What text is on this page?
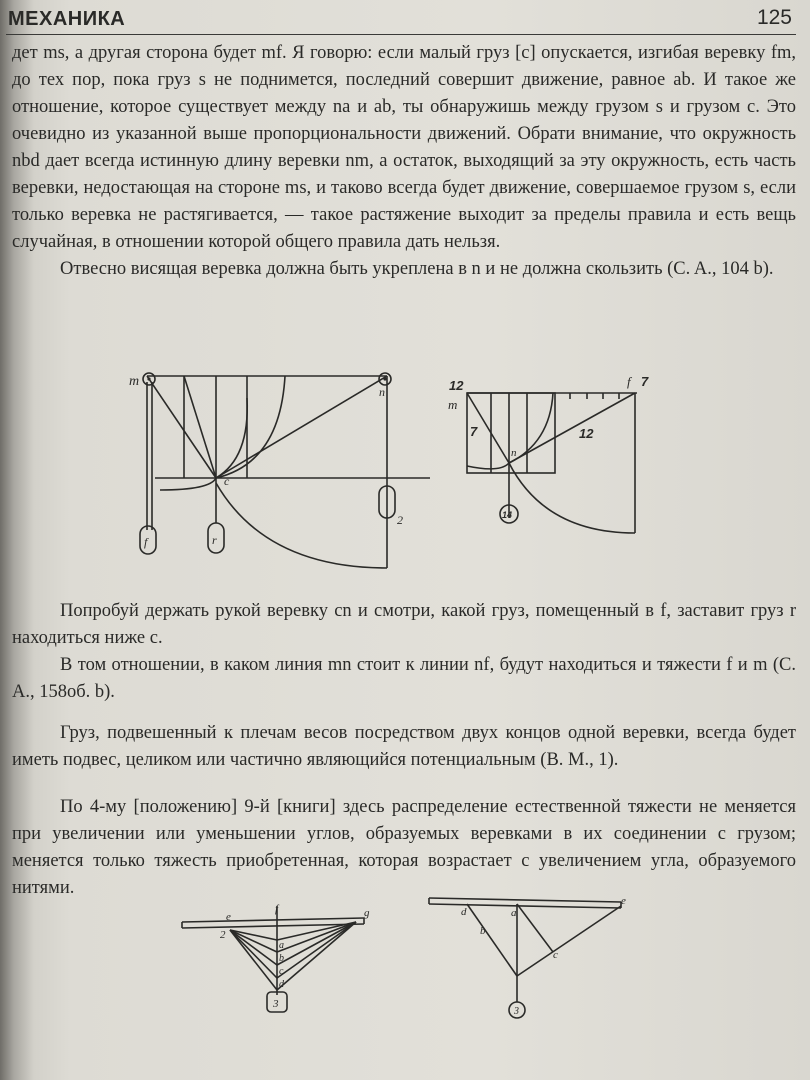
МЕХАНИКА	125

дет ms, а другая сторона будет mf. Я говорю: если малый груз [c] опускается, изгибая веревку fm, до тех пор, пока груз s не поднимется, последний совершит движение, равное ab. И такое же отношение, которое существует между na и ab, ты обнаружишь между грузом s и грузом c. Это очевидно из указанной выше пропорциональности движений. Обрати внимание, что окружность nbd дает всегда истинную длину веревки nm, а остаток, выходящий за эту окружность, есть часть веревки, недостающая на стороне ms, и таково всегда будет движение, совершаемое грузом s, если только веревка не растягивается, — такое растяжение выходит за пределы правила и есть вещь случайная, в отношении которой общего правила дать нельзя.

Отвесно висящая веревка должна быть укреплена в n и не должна скользить (C. A., 104 b).

m
n
c
f	r
2
12
m
f 7
7
n
12
14

Попробуй держать рукой веревку cn и смотри, какой груз, помещенный в f, заставит груз r находиться ниже c.

В том отношении, в каком линия mn стоит к линии nf, будут находиться и тяжести f и m (C. A., 158об. b).

Груз, подвешенный к плечам весов посредством двух концов одной веревки, всегда будет иметь подвес, целиком или частично являющийся потенциальным (B. M., 1).

По 4-му [положению] 9-й [книги] здесь распределение естественной тяжести не меняется при увеличении или уменьшении углов, образуемых веревками в их соединении с грузом; меняется только тяжесть приобретенная, которая возрастает с увеличением угла, образуемого нитями.

e
f	g
2
a
b
c
d
3
d	a
e
b
c
3
